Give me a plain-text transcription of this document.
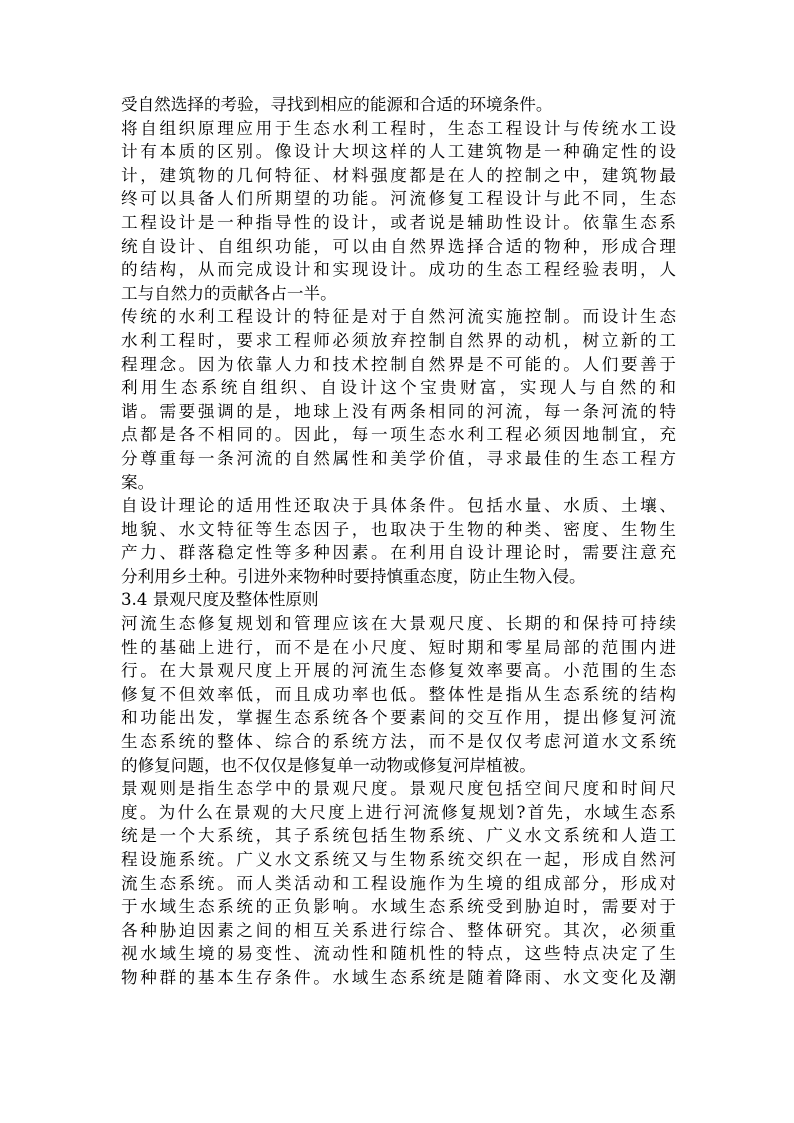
受自然选择的考验，寻找到相应的能源和合适的环境条件。
将自组织原理应用于生态水利工程时，生态工程设计与传统水工设
计有本质的区别。像设计大坝这样的人工建筑物是一种确定性的设
计，建筑物的几何特征、材料强度都是在人的控制之中，建筑物最
终可以具备人们所期望的功能。河流修复工程设计与此不同，生态
工程设计是一种指导性的设计，或者说是辅助性设计。依靠生态系
统自设计、自组织功能，可以由自然界选择合适的物种，形成合理
的结构，从而完成设计和实现设计。成功的生态工程经验表明，人
工与自然力的贡献各占一半。
传统的水利工程设计的特征是对于自然河流实施控制。而设计生态
水利工程时，要求工程师必须放弃控制自然界的动机，树立新的工
程理念。因为依靠人力和技术控制自然界是不可能的。人们要善于
利用生态系统自组织、自设计这个宝贵财富，实现人与自然的和
谐。需要强调的是，地球上没有两条相同的河流，每一条河流的特
点都是各不相同的。因此，每一项生态水利工程必须因地制宜，充
分尊重每一条河流的自然属性和美学价值，寻求最佳的生态工程方
案。
自设计理论的适用性还取决于具体条件。包括水量、水质、土壤、
地貌、水文特征等生态因子，也取决于生物的种类、密度、生物生
产力、群落稳定性等多种因素。在利用自设计理论时，需要注意充
分利用乡土种。引进外来物种时要持慎重态度，防止生物入侵。
3.4 景观尺度及整体性原则
河流生态修复规划和管理应该在大景观尺度、长期的和保持可持续
性的基础上进行，而不是在小尺度、短时期和零星局部的范围内进
行。在大景观尺度上开展的河流生态修复效率要高。小范围的生态
修复不但效率低，而且成功率也低。整体性是指从生态系统的结构
和功能出发，掌握生态系统各个要素间的交互作用，提出修复河流
生态系统的整体、综合的系统方法，而不是仅仅考虑河道水文系统
的修复问题，也不仅仅是修复单一动物或修复河岸植被。
景观则是指生态学中的景观尺度。景观尺度包括空间尺度和时间尺
度。为什么在景观的大尺度上进行河流修复规划?首先，水域生态系
统是一个大系统，其子系统包括生物系统、广义水文系统和人造工
程设施系统。广义水文系统又与生物系统交织在一起，形成自然河
流生态系统。而人类活动和工程设施作为生境的组成部分，形成对
于水域生态系统的正负影响。水域生态系统受到胁迫时，需要对于
各种胁迫因素之间的相互关系进行综合、整体研究。其次，必须重
视水域生境的易变性、流动性和随机性的特点，这些特点决定了生
物种群的基本生存条件。水域生态系统是随着降雨、水文变化及潮
